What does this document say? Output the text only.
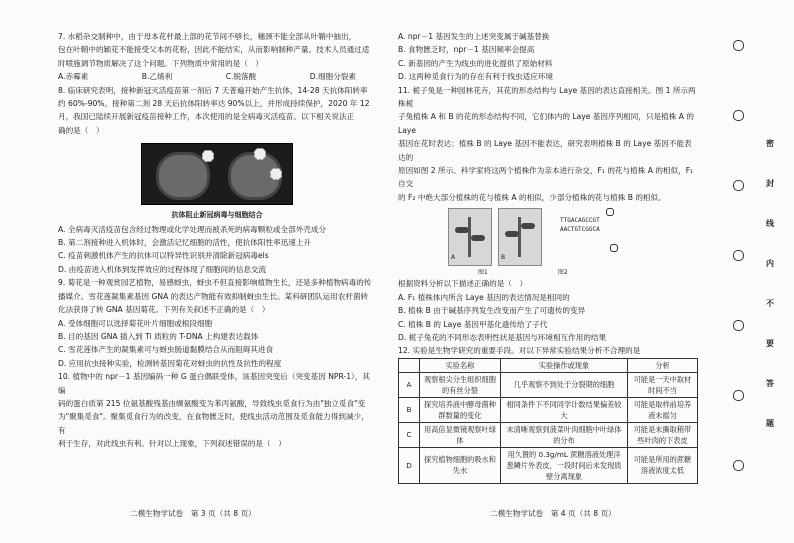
7. 水稻杂交制种中，由于母本花杆最上部的花节间不够长，穗颈不能全部从叶鞘中抽出，

包在叶鞘中的颖花不能接受父本的花粉，因此不能结实，从而影响制种产量。技术人员通过适

时喷施调节物质解决了这个问题。下列物质中常用的是（　）

A.赤霉素	B.乙烯利	C.脱落酸	D.细胞分裂素

8. 临床研究表明，接种新冠灭活疫苗第一剂后 7 天普遍开始产生抗体，14-28 天抗体阳转率

约 60%-90%。接种第二剂 28 天后抗体阳转率达 90%以上，并形成持续保护，2020 年 12

月，我国已陆续开展新冠疫苗接种工作，本次使用的是全病毒灭活疫苗。以下相关说法正

确的是（　）

抗体阻止新冠病毒与细胞结合

A. 全病毒灭活疫苗包含经过物理或化学处理而被杀死的病毒颗粒或全部外壳成分

B. 第二剂接种进入机体时，会激活记忆细胞的活性，使抗体阳性率迅速上升

C. 疫苗刺激机体产生的抗体可以特异性识别并清除新冠病毒els

D. 由疫苗进入机体到发挥效应的过程体现了细胞间的信息交流

9. 菊花是一种观赏园艺植物，易感蚜虫，蚜虫不但直接影响植物生长，还是多种植物病毒的传

播媒介。雪花莲凝集素基因 GNA 的表达产物能有效抑制蚜虫生长。某科研团队运用农杆菌转

化法获得了转 GNA 基因菊花。下列有关叙述不正确的是（　）

A. 受体细胞可以选择菊花叶片细胞或根段细胞

B. 目的基因 GNA 插入到 Ti 质粒的 T-DNA 上构建表达载体

C. 雪花莲体产生的凝集素可与蚜虫肠道黏膜结合从而阻碍其进食

D. 应用抗虫接种实验，检测转基因菊花对蚜虫的抗性及抗性的程度

10. 植物中的 npr－1 基因编码一种 G 蛋白偶联受体，该基因突变后（突变基因 NPR-1），其编

码的蛋白质第 215 位氨基酸残基由缬氨酸变为苯丙氨酸，导致线虫觅食行为由"独立觅食"变

为"聚集觅食"。聚集觅食行为的改变，在食物匮乏时，使线虫活动范围及觅食能力得到减少，有

利于生存，对此线虫有利。针对以上现象，下列叙述错误的是（　）

A. npr－1 基因发生的上述突变属于碱基替换

B. 食物匮乏时，npr－1 基因频率会提高

C. 新基因的产生为线虫的进化提供了原始材料

D. 这两种觅食行为的存在有利于线虫适应环境

11. 栀子兔是一种园林花卉，其花的形态结构与 Laye 基因的表达直接相关。图 1 所示两株栀

子兔植株 A 和 B 的花的形态结构不同，它们体内的 Laye 基因序列相同，只是植株 A 的 Laye

基因在花时表达；植株 B 的 Laye 基因不能表达，研究表明植株 B 的 Laye 基因不能表达的

原因如图 2 所示。科学家将这两个植株作为亲本进行杂交，F₁ 的花与植株 A 的相似，F₁ 自交

的 F₂ 中绝大部分植株的花与植株 A 的相似，少部分植株的花与植株 B 的相似。

A	B
TTGACAGCCGT
AACTGTCGGCA
图1	图2

根据资料分析以下描述正确的是（　）

A. F₁ 植株体内所含 Laye 基因的表达情况是相同的

B. 植株 B 由于碱基序列发生改变而产生了可遗传的变异

C. 植株 B 的 Laye 基因甲基化遗传给了子代

D. 栀子兔花的不同形态表明性状是基因与环境相互作用的结果

12. 实验是生物学研究的重要手段。对以下异常实验结果分析不合理的是

	实验名称	实验操作或现象	分析
A	观察根尖分生组织细胞的有丝分裂	几乎观察不到处于分裂期的细胞	可能是一天中取材时间不当
B	探究培养液中酵母菌种群数量的变化	相同条件下不同同学计数结果偏差较大	可能是取样前培养液未摇匀
C	用高倍显微镜观察叶绿体	未清晰观察到菠菜叶肉细胞中叶绿体的分布	可能是未撕取稍带些叶肉的下表皮
D	探究植物细胞的吸水和失水	用久置的 0.3g/mL 蔗糖溶液处理洋葱鳞片外表皮，一段时间后未发现质壁分离现象	可能是所用的蔗糖溶液浓度太低
二模生物学试卷　第 3 页（共 8 页）	二模生物学试卷　第 4 页（共 8 页）
密
封
线
内
不
要
答
题
